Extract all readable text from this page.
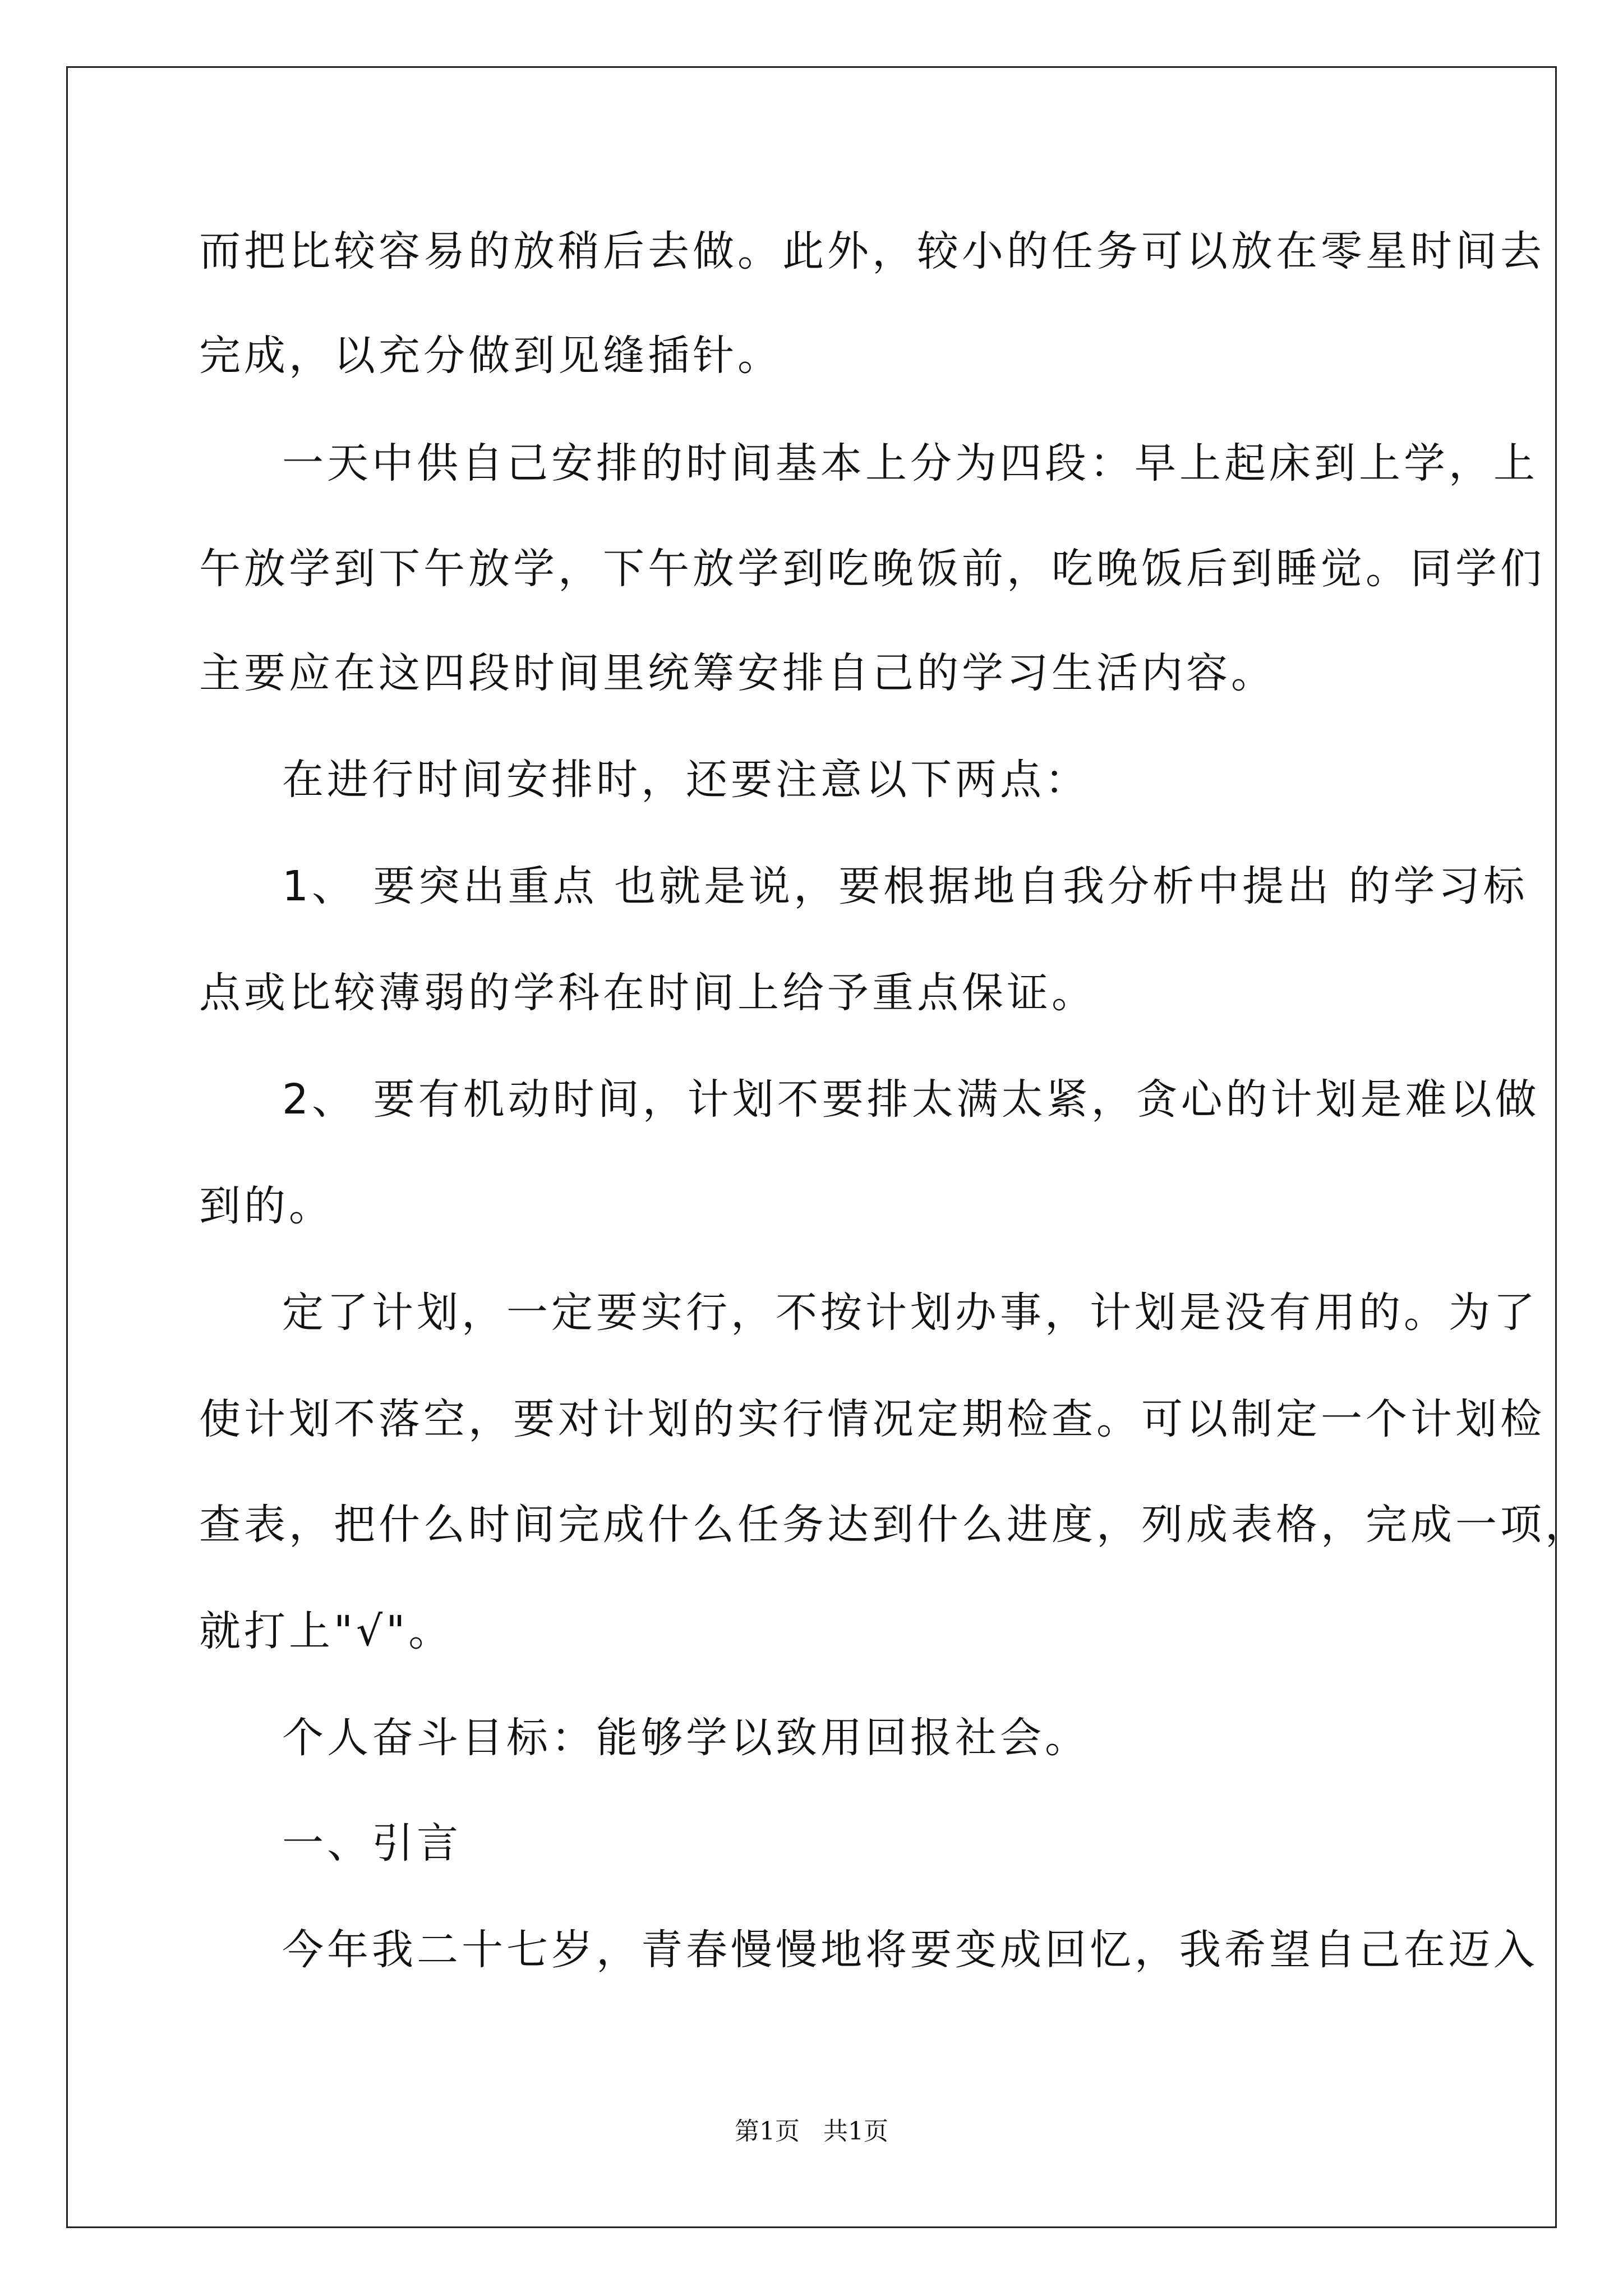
而把比较容易的放稍后去做。此外，较小的任务可以放在零星时间去
完成，以充分做到见缝插针。
一天中供自己安排的时间基本上分为四段：早上起床到上学，上
午放学到下午放学，下午放学到吃晚饭前，吃晚饭后到睡觉。同学们
主要应在这四段时间里统筹安排自己的学习生活内容。
在进行时间安排时，还要注意以下两点：
1、 要突出重点 也就是说，要根据地自我分析中提出 的学习标
点或比较薄弱的学科在时间上给予重点保证。
2、 要有机动时间，计划不要排太满太紧，贪心的计划是难以做
到的。
定了计划，一定要实行，不按计划办事，计划是没有用的。为了
使计划不落空，要对计划的实行情况定期检查。可以制定一个计划检
查表，把什么时间完成什么任务达到什么进度，列成表格，完成一项，
就打上"√"。
个人奋斗目标：能够学以致用回报社会。
一、引言
今年我二十七岁，青春慢慢地将要变成回忆，我希望自己在迈入
第1页 共1页
